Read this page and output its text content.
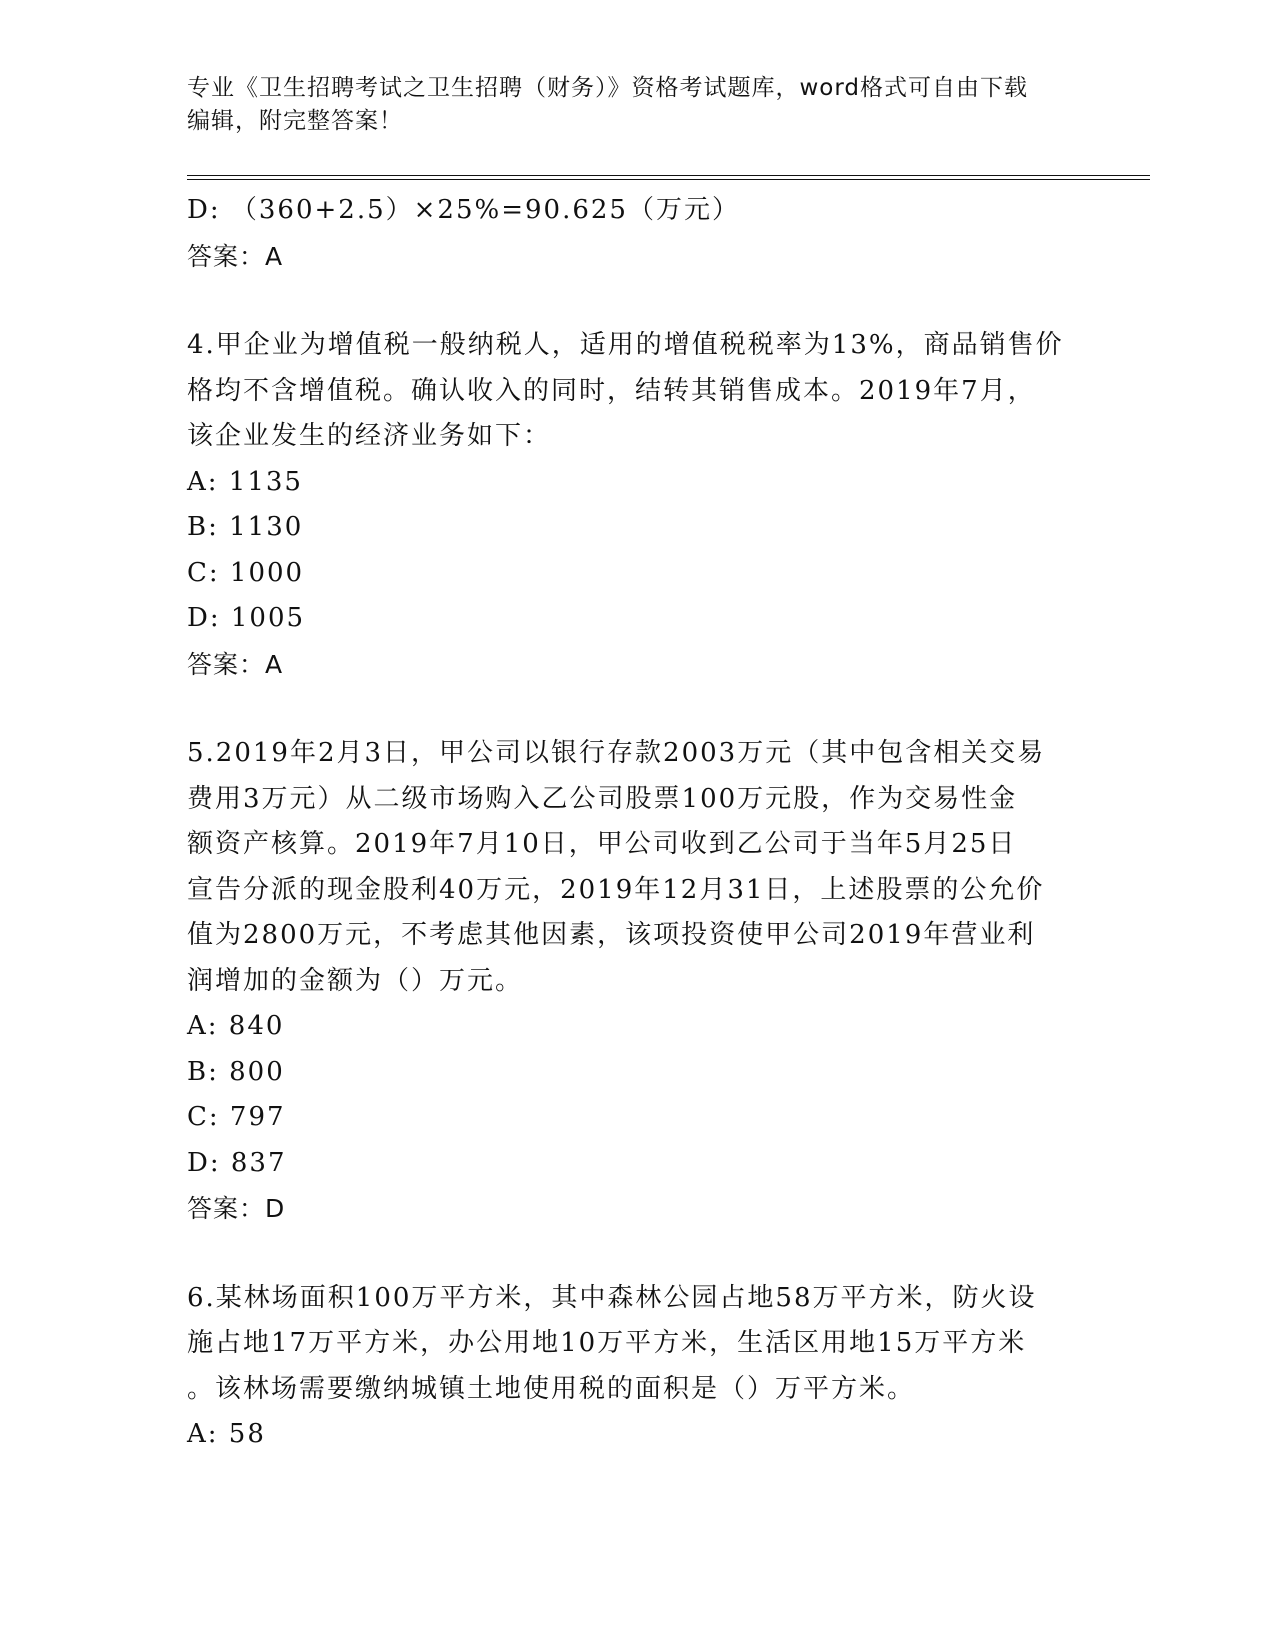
专业《卫生招聘考试之卫生招聘（财务）》资格考试题库，word格式可自由下载
编辑，附完整答案！
D: （360+2.5）×25%=90.625（万元）
答案：A
4.甲企业为增值税一般纳税人，适用的增值税税率为13%，商品销售价
格均不含增值税。确认收入的同时，结转其销售成本。2019年7月，
该企业发生的经济业务如下：
A: 1135
B: 1130
C: 1000
D: 1005
答案：A
5.2019年2月3日，甲公司以银行存款2003万元（其中包含相关交易
费用3万元）从二级市场购入乙公司股票100万元股，作为交易性金
额资产核算。2019年7月10日，甲公司收到乙公司于当年5月25日
宣告分派的现金股利40万元，2019年12月31日，上述股票的公允价
值为2800万元，不考虑其他因素，该项投资使甲公司2019年营业利
润增加的金额为（）万元。
A: 840
B: 800
C: 797
D: 837
答案：D
6.某林场面积100万平方米，其中森林公园占地58万平方米，防火设
施占地17万平方米，办公用地10万平方米，生活区用地15万平方米
。该林场需要缴纳城镇土地使用税的面积是（）万平方米。
A: 58
